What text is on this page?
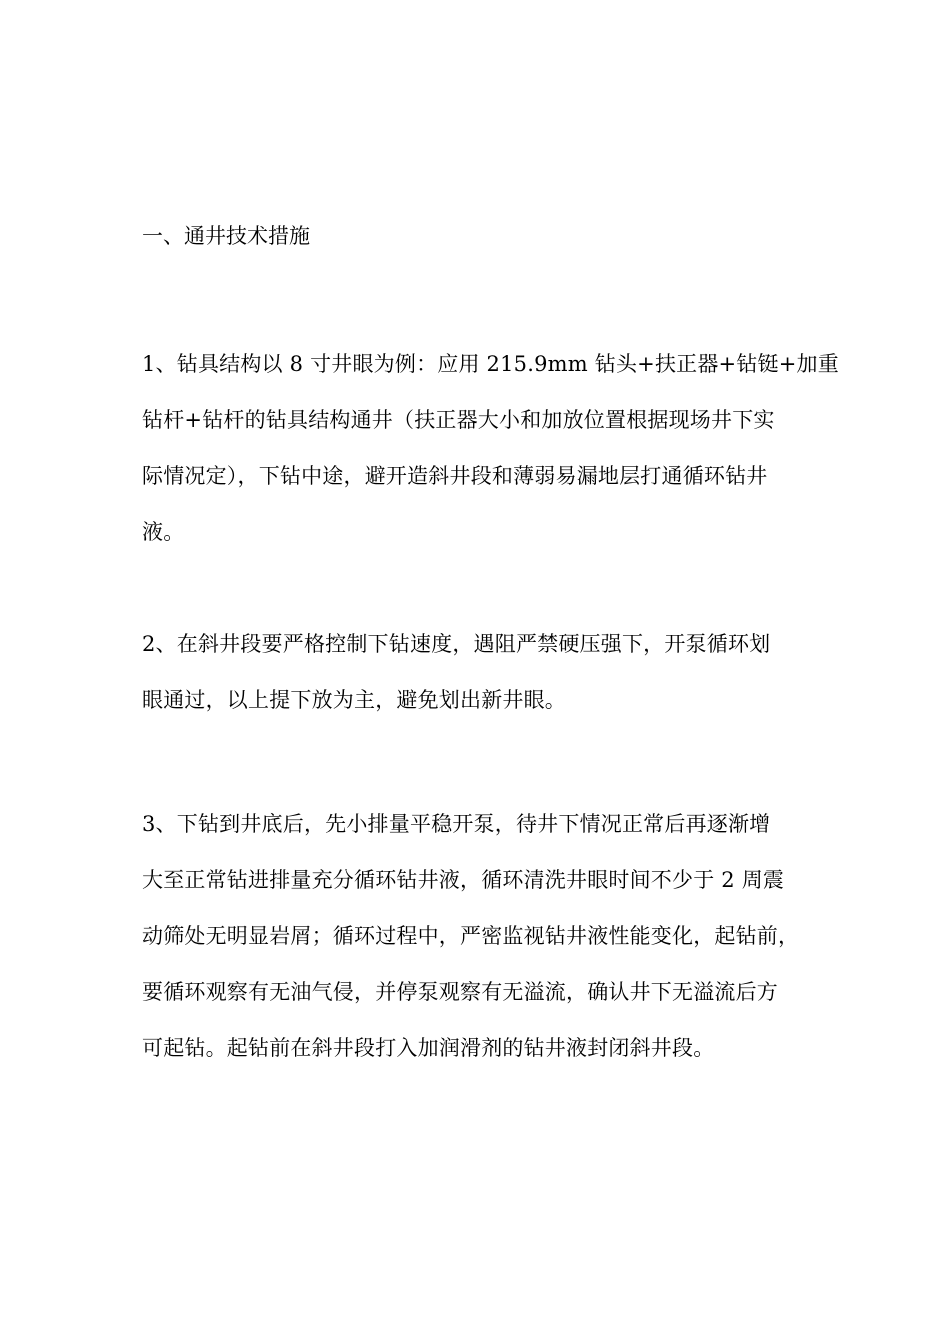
一、通井技术措施
1、钻具结构以 8 寸井眼为例：应用 215.9mm 钻头+扶正器+钻铤+加重
钻杆+钻杆的钻具结构通井（扶正器大小和加放位置根据现场井下实
际情况定），下钻中途，避开造斜井段和薄弱易漏地层打通循环钻井
液。
2、在斜井段要严格控制下钻速度，遇阻严禁硬压强下，开泵循环划
眼通过，以上提下放为主，避免划出新井眼。
3、下钻到井底后，先小排量平稳开泵，待井下情况正常后再逐渐增
大至正常钻进排量充分循环钻井液，循环清洗井眼时间不少于 2 周震
动筛处无明显岩屑；循环过程中，严密监视钻井液性能变化，起钻前，
要循环观察有无油气侵，并停泵观察有无溢流，确认井下无溢流后方
可起钻。起钻前在斜井段打入加润滑剂的钻井液封闭斜井段。
